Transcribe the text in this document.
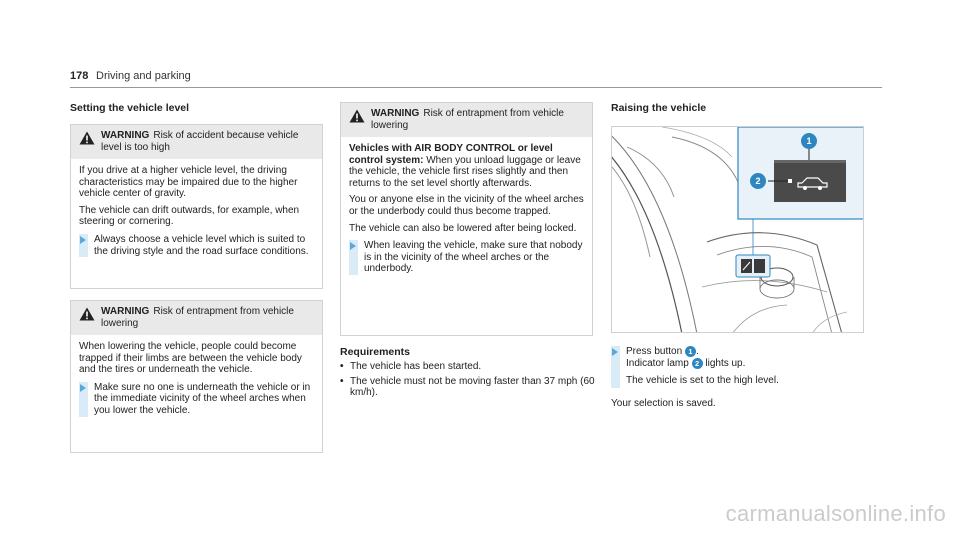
178 Driving and parking
Setting the vehicle level
WARNING Risk of accident because vehicle level is too high

If you drive at a higher vehicle level, the driving characteristics may be impaired due to the higher vehicle center of gravity.

The vehicle can drift outwards, for example, when steering or cornering.

Always choose a vehicle level which is suited to the driving style and the road surface conditions.
WARNING Risk of entrapment from vehicle lowering

When lowering the vehicle, people could become trapped if their limbs are between the vehicle body and the tires or underneath the vehicle.

Make sure no one is underneath the vehicle or in the immediate vicinity of the wheel arches when you lower the vehicle.
WARNING Risk of entrapment from vehicle lowering

Vehicles with AIR BODY CONTROL or level control system: When you unload luggage or leave the vehicle, the vehicle first rises slightly and then returns to the set level shortly afterwards.

You or anyone else in the vicinity of the wheel arches or the underbody could thus become trapped.

The vehicle can also be lowered after being locked.

When leaving the vehicle, make sure that nobody is in the vicinity of the wheel arches or the underbody.
Requirements
• The vehicle has been started.
• The vehicle must not be moving faster than 37 mph (60 km/h).
Raising the vehicle
1
2
Press button 1 .
Indicator lamp 2 lights up.
The vehicle is set to the high level.
Your selection is saved.
carmanualsonline.info
